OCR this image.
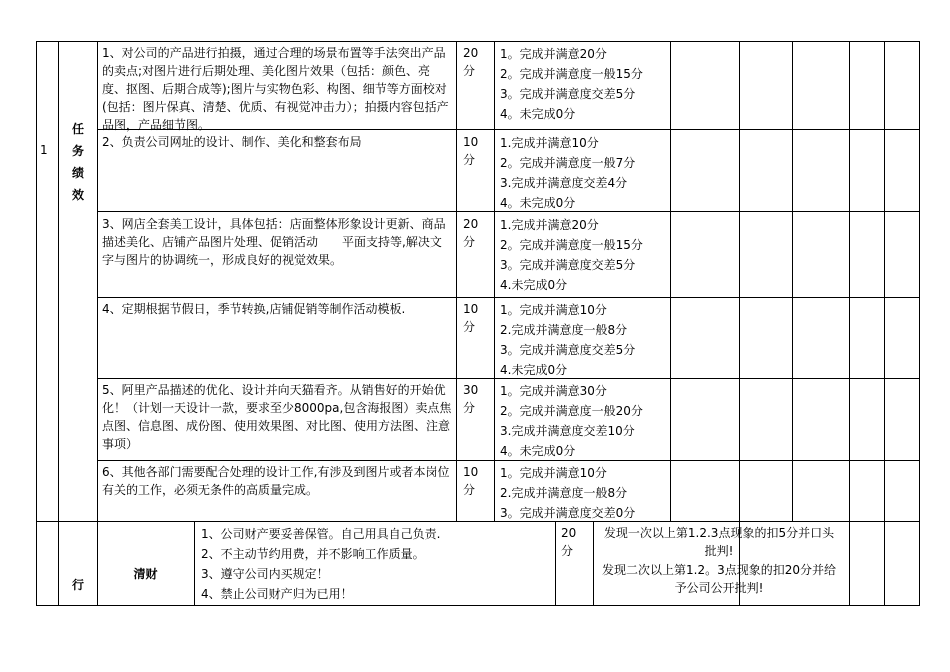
1
任
务
绩
效
1、对公司的产品进行拍摄，通过合理的场景布置等手法突出产品的卖点;对图片进行后期处理、美化图片效果（包括：颜色、亮度、抠图、后期合成等);图片与实物色彩、构图、细节等方面校对(包括：图片保真、清楚、优质、有视觉冲击力）；拍摄内容包括产品图，产品细节图。
20
分
1。完成并满意20分
2。完成并满意度一般15分
3。完成并满意度交差5分
4。未完成0分
2、负责公司网址的设计、制作、美化和整套布局	10
分
1.完成并满意10分
2。完成并满意度一般7分
3.完成并满意度交差4分
4。未完成0分
3、网店全套美工设计，具体包括：店面整体形象设计更新、商品描述美化、店铺产品图片处理、促销活动　　平面支持等,解决文字与图片的协调统一，形成良好的视觉效果。
20
分
1.完成并满意20分
2。完成并满意度一般15分
3。完成并满意度交差5分
4.未完成0分
4、定期根据节假日，季节转换,店铺促销等制作活动模板.	10
分
1。完成并满意10分
2.完成并满意度一般8分
3。完成并满意度交差5分
4.未完成0分
5、阿里产品描述的优化、设计并向天猫看齐。从销售好的开始优化！（计划一天设计一款，要求至少8000pa,包含海报图）卖点焦点图、信息图、成份图、使用效果图、对比图、使用方法图、注意事项）
30
分
1。完成并满意30分
2。完成并满意度一般20分
3.完成并满意度交差10分
4。未完成0分
6、其他各部门需要配合处理的设计工作,有涉及到图片或者本岗位有关的工作，必须无条件的高质量完成。
10
分
1。完成并满意10分
2.完成并满意度一般8分
3。完成并满意度交差0分
行
清财
1、公司财产要妥善保管。自己用具自己负责.
2、不主动节约用费，并不影响工作质量。
3、遵守公司内买规定！
4、禁止公司财产归为已用！
20
分
发现一次以上第1.2.3点现象的扣5分并口头批判!
发现二次以上第1.2。3点现象的扣20分并给予公司公开批判!
